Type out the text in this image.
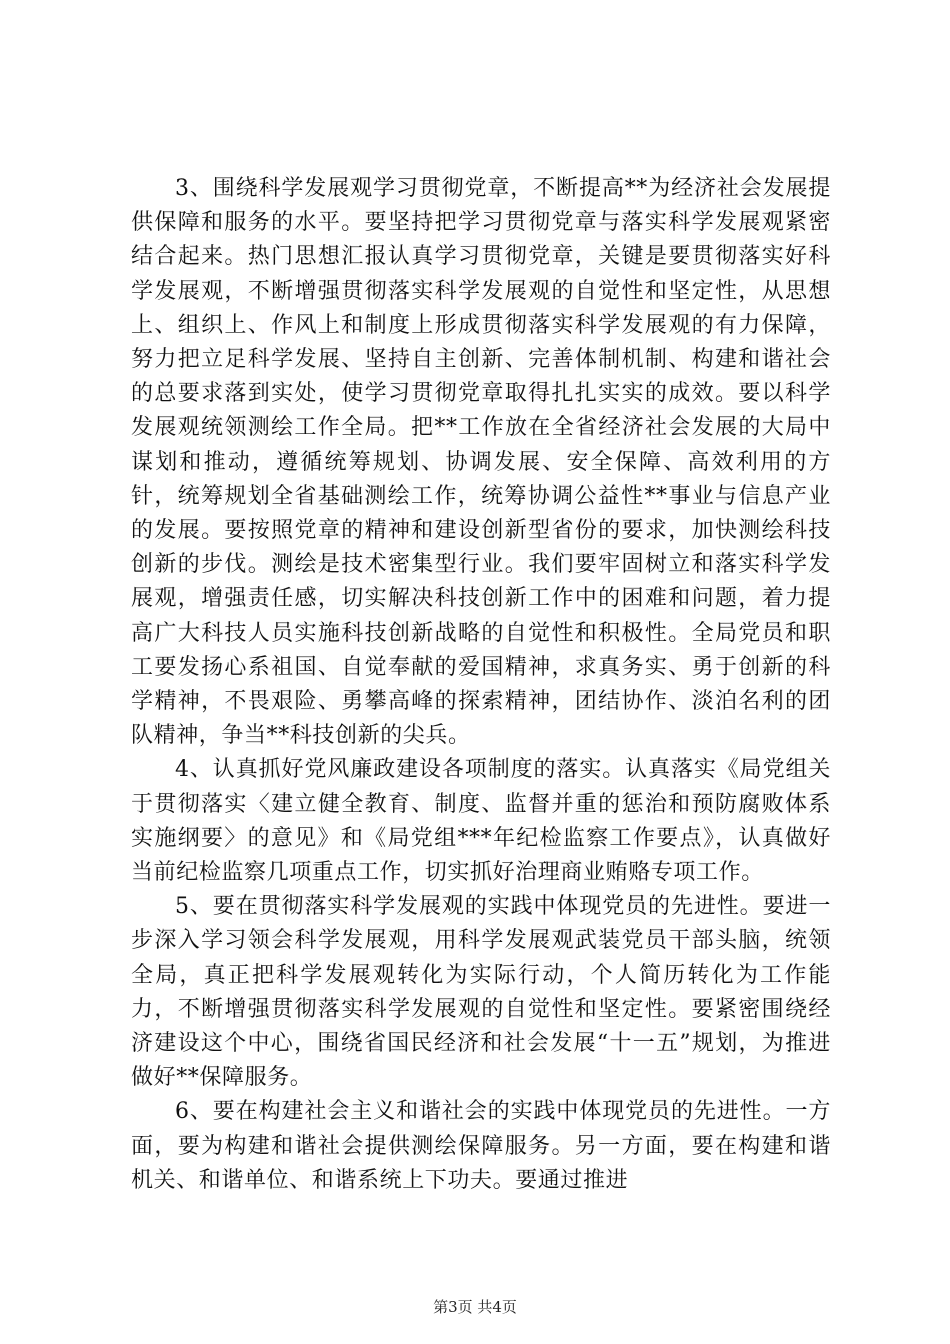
3、围绕科学发展观学习贯彻党章，不断提高**为经济社会发展提供保障和服务的水平。要坚持把学习贯彻党章与落实科学发展观紧密结合起来。热门思想汇报认真学习贯彻党章，关键是要贯彻落实好科学发展观，不断增强贯彻落实科学发展观的自觉性和坚定性，从思想上、组织上、作风上和制度上形成贯彻落实科学发展观的有力保障，努力把立足科学发展、坚持自主创新、完善体制机制、构建和谐社会的总要求落到实处，使学习贯彻党章取得扎扎实实的成效。要以科学发展观统领测绘工作全局。把**工作放在全省经济社会发展的大局中谋划和推动，遵循统筹规划、协调发展、安全保障、高效利用的方针，统筹规划全省基础测绘工作，统筹协调公益性**事业与信息产业的发展。要按照党章的精神和建设创新型省份的要求，加快测绘科技创新的步伐。测绘是技术密集型行业。我们要牢固树立和落实科学发展观，增强责任感，切实解决科技创新工作中的困难和问题，着力提高广大科技人员实施科技创新战略的自觉性和积极性。全局党员和职工要发扬心系祖国、自觉奉献的爱国精神，求真务实、勇于创新的科学精神，不畏艰险、勇攀高峰的探索精神，团结协作、淡泊名利的团队精神，争当**科技创新的尖兵。

4、认真抓好党风廉政建设各项制度的落实。认真落实《局党组关于贯彻落实〈建立健全教育、制度、监督并重的惩治和预防腐败体系实施纲要〉的意见》和《局党组***年纪检监察工作要点》，认真做好当前纪检监察几项重点工作，切实抓好治理商业贿赂专项工作。

5、要在贯彻落实科学发展观的实践中体现党员的先进性。要进一步深入学习领会科学发展观，用科学发展观武装党员干部头脑，统领全局，真正把科学发展观转化为实际行动，个人简历转化为工作能力，不断增强贯彻落实科学发展观的自觉性和坚定性。要紧密围绕经济建设这个中心，围绕省国民经济和社会发展“十一五”规划，为推进做好**保障服务。

6、要在构建社会主义和谐社会的实践中体现党员的先进性。一方面，要为构建和谐社会提供测绘保障服务。另一方面，要在构建和谐机关、和谐单位、和谐系统上下功夫。要通过推进

第3页 共4页
